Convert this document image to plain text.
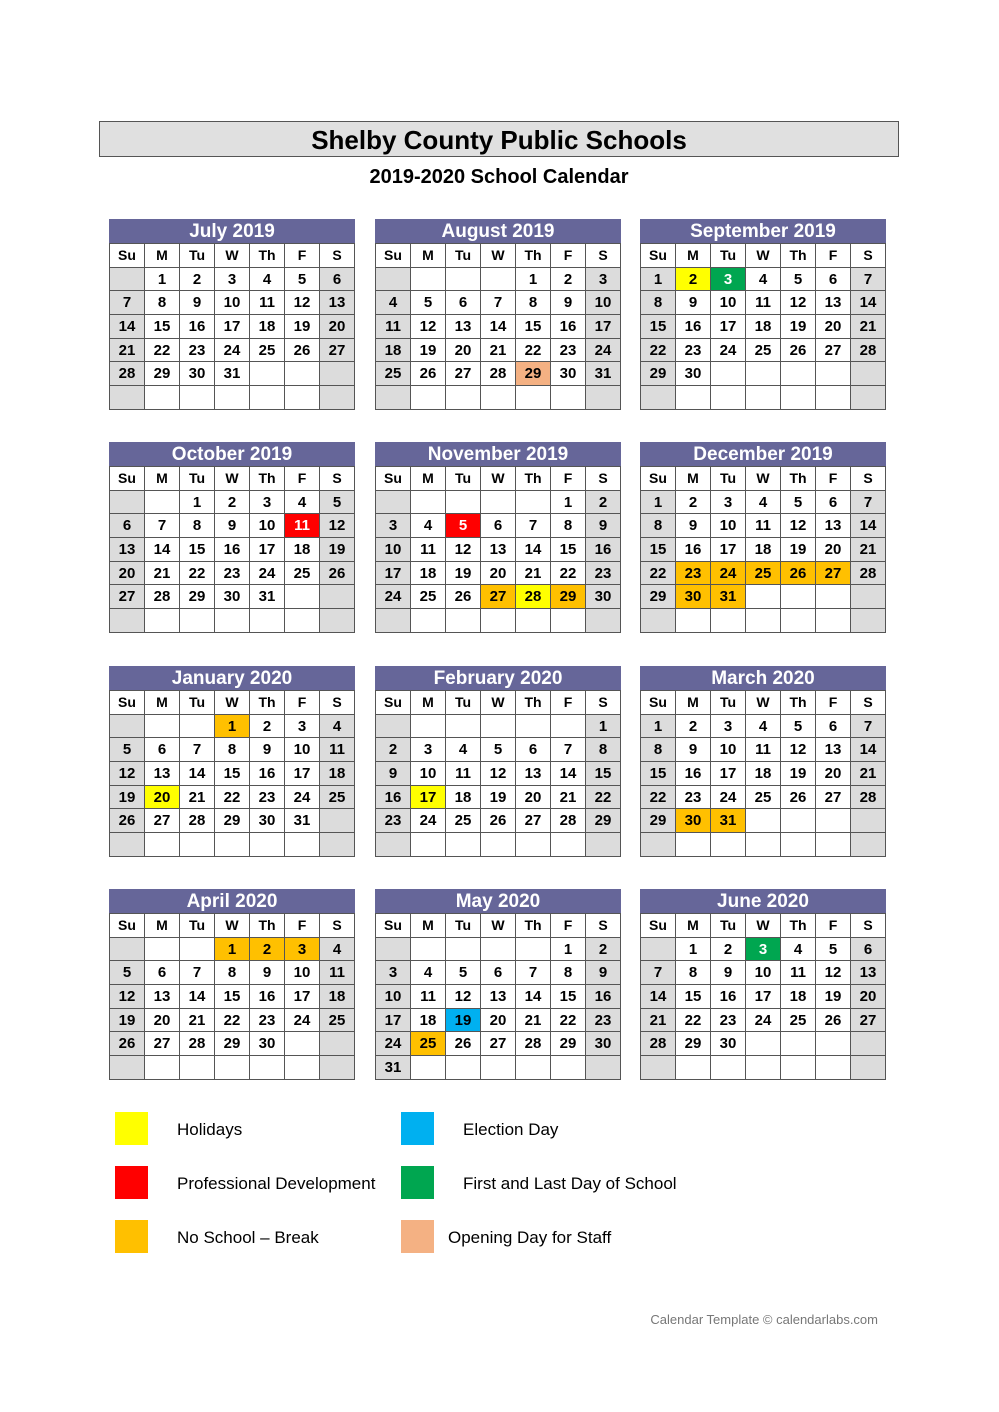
Shelby County Public Schools
2019-2020 School Calendar
July 2019
Su	M	Tu	W	Th	F	S
	1	2	3	4	5	6
7	8	9	10	11	12	13
14	15	16	17	18	19	20
21	22	23	24	25	26	27
28	29	30	31			

August 2019
Su	M	Tu	W	Th	F	S
				1	2	3
4	5	6	7	8	9	10
11	12	13	14	15	16	17
18	19	20	21	22	23	24
25	26	27	28	29	30	31

September 2019
Su	M	Tu	W	Th	F	S
1	2	3	4	5	6	7
8	9	10	11	12	13	14
15	16	17	18	19	20	21
22	23	24	25	26	27	28
29	30					

October 2019
Su	M	Tu	W	Th	F	S
		1	2	3	4	5
6	7	8	9	10	11	12
13	14	15	16	17	18	19
20	21	22	23	24	25	26
27	28	29	30	31		

November 2019
Su	M	Tu	W	Th	F	S
					1	2
3	4	5	6	7	8	9
10	11	12	13	14	15	16
17	18	19	20	21	22	23
24	25	26	27	28	29	30

December 2019
Su	M	Tu	W	Th	F	S
1	2	3	4	5	6	7
8	9	10	11	12	13	14
15	16	17	18	19	20	21
22	23	24	25	26	27	28
29	30	31				

January 2020
Su	M	Tu	W	Th	F	S
			1	2	3	4
5	6	7	8	9	10	11
12	13	14	15	16	17	18
19	20	21	22	23	24	25
26	27	28	29	30	31	

February 2020
Su	M	Tu	W	Th	F	S
						1
2	3	4	5	6	7	8
9	10	11	12	13	14	15
16	17	18	19	20	21	22
23	24	25	26	27	28	29

March 2020
Su	M	Tu	W	Th	F	S
1	2	3	4	5	6	7
8	9	10	11	12	13	14
15	16	17	18	19	20	21
22	23	24	25	26	27	28
29	30	31				

April 2020
Su	M	Tu	W	Th	F	S
			1	2	3	4
5	6	7	8	9	10	11
12	13	14	15	16	17	18
19	20	21	22	23	24	25
26	27	28	29	30		

May 2020
Su	M	Tu	W	Th	F	S
					1	2
3	4	5	6	7	8	9
10	11	12	13	14	15	16
17	18	19	20	21	22	23
24	25	26	27	28	29	30
31						
June 2020
Su	M	Tu	W	Th	F	S
	1	2	3	4	5	6
7	8	9	10	11	12	13
14	15	16	17	18	19	20
21	22	23	24	25	26	27
28	29	30				

Holidays	Election Day
Professional Development	First and Last Day of School
No School – Break	Opening Day for Staff
Calendar Template © calendarlabs.com
